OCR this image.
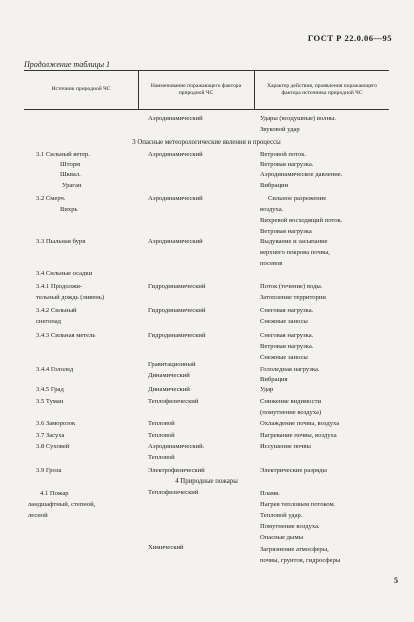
ГОСТ Р 22.0.06—95
Продолжение таблицы 1
Источник природной ЧС
Наименование поражающего фактора природной ЧС
Характер действия, проявления поражающего фактора источника природной ЧС
3.1 Сильный ветер.
Шторм
Шквал.
Ураган
3.2 Смерч.
Вихрь
3.3 Пыльная буря
3.4 Сильные осадки
3.4.1 Продолжи-
тельный дождь (ливень)
3.4.2 Сильный
снегопад
3.4.3 Сильная метель
3.4.4 Гололед
3.4.5 Град
3.5 Туман
3.6 Заморозок
3.7 Засуха
3.8 Суховей
3.9 Гроза
4.1 Пожар
ландшафтный, степной,
лесной
Аэродинамический
Аэродинамический
Аэродинамический
Аэродинамический
Гидродинамический
Гидродинамический
Гидродинамический
Гравитационный
Динамический
Динамический
Теплофизический
Тепловой
Тепловой
Аэродинамический.
Тепловой
Электрофизический
Теплофизический
Химический
Удары (воздушные) волны.
Звуковой удар
Ветровой поток.
Ветровая нагрузка.
Аэродинамическое давление.
Вибрации
Сильное разрежение
воздуха.
Вихревой восходящий поток.
Ветровая нагрузка
Выдувание и засыпание
верхнего покрова почвы,
посевов
Поток (течение) воды.
Затопление территории
Снеговая нагрузка.
Снежные заносы
Снеговая нагрузка.
Ветровая нагрузка.
Снежные заносы
Гололедная нагрузка.
Вибрация
Удар
Снижение видимости
(помутнение воздуха)
Охлаждение почвы, воздуха
Нагревание почвы, воздуха
Иссушение почвы
Электрические разряды
Пламя.
Нагрев тепловым потоком.
Тепловой удар.
Помутнение воздуха.
Опасные дымы
Загрязнение атмосферы,
почвы, грунтов, гидросферы
3 Опасные метеорологические явления и процессы
4 Природные пожары
5
